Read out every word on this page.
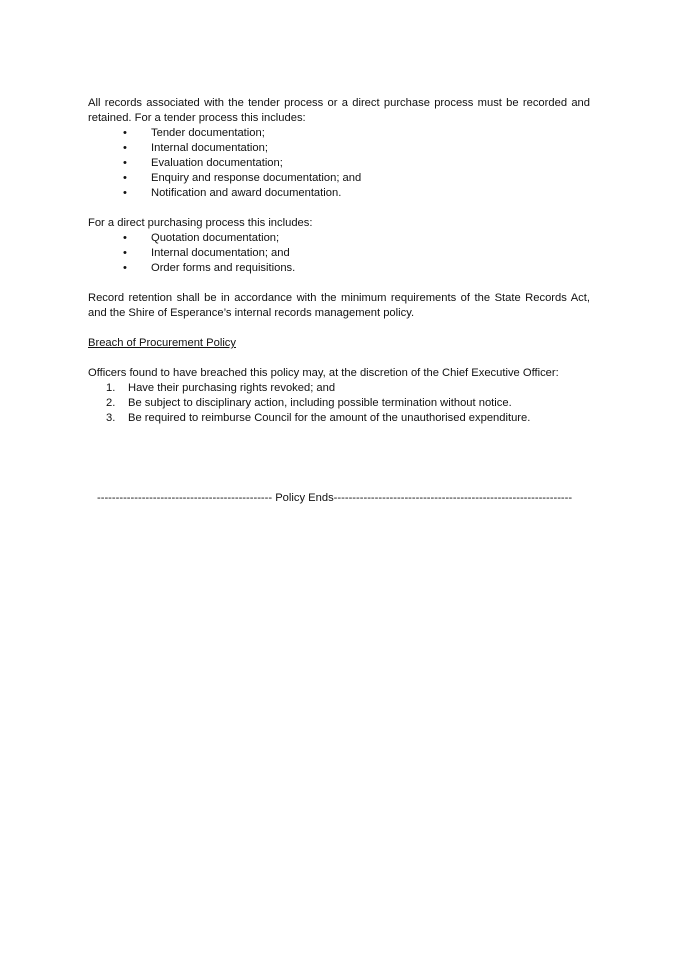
All records associated with the tender process or a direct purchase process must be recorded and retained. For a tender process this includes:

• Tender documentation;
• Internal documentation;
• Evaluation documentation;
• Enquiry and response documentation; and
• Notification and award documentation.

For a direct purchasing process this includes:

• Quotation documentation;
• Internal documentation; and
• Order forms and requisitions.

Record retention shall be in accordance with the minimum requirements of the State Records Act, and the Shire of Esperance’s internal records management policy.

Breach of Procurement Policy

Officers found to have breached this policy may, at the discretion of the Chief Executive Officer:

1. Have their purchasing rights revoked; and
2. Be subject to disciplinary action, including possible termination without notice.
3. Be required to reimburse Council for the amount of the unauthorised expenditure.
----------------------------------------------- Policy Ends----------------------------------------------------------------
